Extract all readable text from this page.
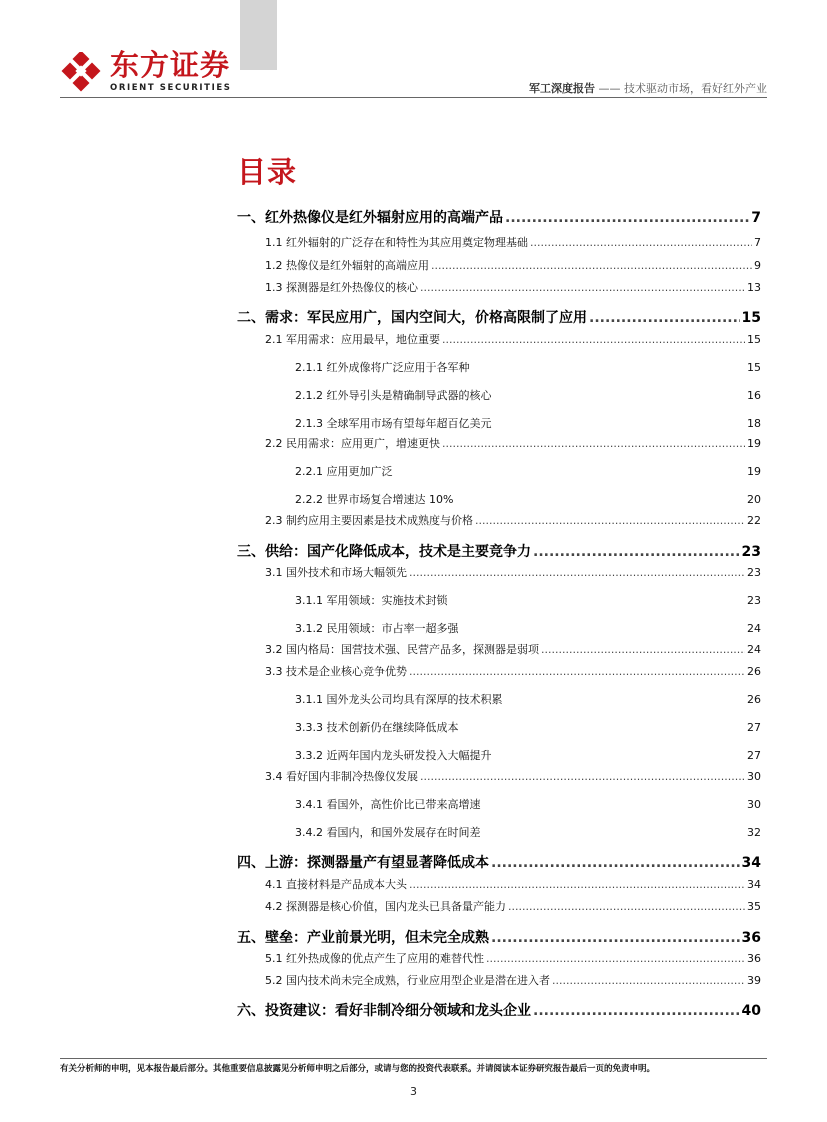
东方证券
ORIENT SECURITIES	军工深度报告 —— 技术驱动市场，看好红外产业
目录
一、红外热像仪是红外辐射应用的高端产品 .....	7
1.1 红外辐射的广泛存在和特性为其应用奠定物理基础 .....	7
1.2 热像仪是红外辐射的高端应用 .....	9
1.3 探测器是红外热像仪的核心 .....	13
二、需求：军民应用广，国内空间大，价格高限制了应用 .....	15
2.1 军用需求：应用最早，地位重要 .....	15
2.1.1 红外成像将广泛应用于各军种	15
2.1.2 红外导引头是精确制导武器的核心	16
2.1.3 全球军用市场有望每年超百亿美元	18
2.2 民用需求：应用更广，增速更快 .....	19
2.2.1 应用更加广泛	19
2.2.2 世界市场复合增速达 10%	20
2.3 制约应用主要因素是技术成熟度与价格 .....	22
三、供给：国产化降低成本，技术是主要竞争力 .....	23
3.1 国外技术和市场大幅领先 .....	23
3.1.1 军用领域：实施技术封锁	23
3.1.2 民用领域：市占率一超多强	24
3.2 国内格局：国营技术强、民营产品多，探测器是弱项 .....	24
3.3 技术是企业核心竞争优势 .....	26
3.1.1 国外龙头公司均具有深厚的技术积累	26
3.3.3 技术创新仍在继续降低成本	27
3.3.2 近两年国内龙头研发投入大幅提升	27
3.4 看好国内非制冷热像仪发展 .....	30
3.4.1 看国外，高性价比已带来高增速	30
3.4.2 看国内，和国外发展存在时间差	32
四、上游：探测器量产有望显著降低成本 .....	34
4.1 直接材料是产品成本大头 .....	34
4.2 探测器是核心价值，国内龙头已具备量产能力 .....	35
五、壁垒：产业前景光明，但未完全成熟 .....	36
5.1 红外热成像的优点产生了应用的难替代性 .....	36
5.2 国内技术尚未完全成熟，行业应用型企业是潜在进入者 .....	39
六、投资建议：看好非制冷细分领域和龙头企业 .....	40
有关分析师的申明，见本报告最后部分。其他重要信息披露见分析师申明之后部分，或请与您的投资代表联系。并请阅读本证券研究报告最后一页的免责申明。
3
